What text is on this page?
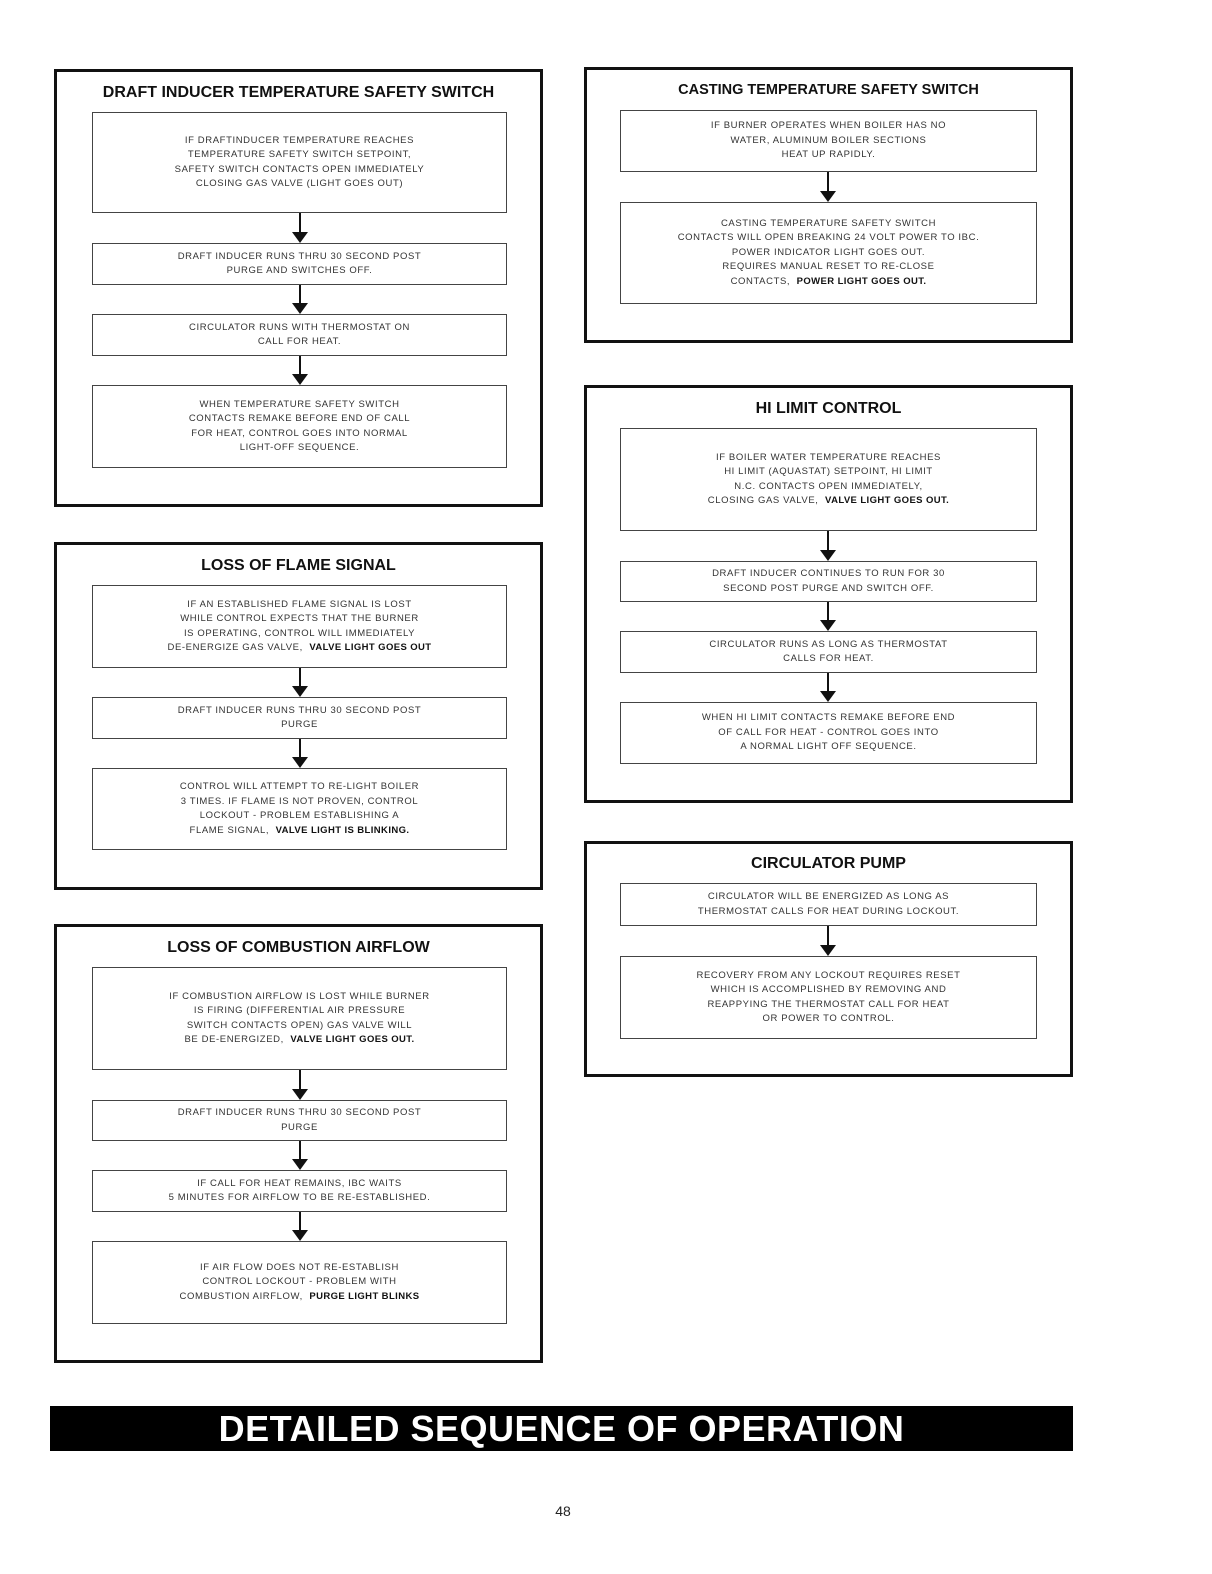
DRAFT INDUCER TEMPERATURE SAFETY SWITCH
IF DRAFTINDUCER TEMPERATURE REACHES
TEMPERATURE SAFETY SWITCH SETPOINT,
SAFETY SWITCH CONTACTS OPEN IMMEDIATELY
CLOSING GAS VALVE (LIGHT GOES OUT)
DRAFT INDUCER RUNS THRU 30 SECOND POST
PURGE AND SWITCHES OFF.
CIRCULATOR RUNS WITH THERMOSTAT ON
CALL FOR HEAT.
WHEN TEMPERATURE SAFETY SWITCH
CONTACTS REMAKE BEFORE END OF CALL
FOR HEAT, CONTROL GOES INTO NORMAL
LIGHT-OFF SEQUENCE.
LOSS OF FLAME SIGNAL
IF AN ESTABLISHED FLAME SIGNAL IS LOST
WHILE CONTROL EXPECTS THAT THE BURNER
IS OPERATING, CONTROL WILL IMMEDIATELY
DE-ENERGIZE GAS VALVE, VALVE LIGHT GOES OUT
DRAFT INDUCER RUNS THRU 30 SECOND POST
PURGE
CONTROL WILL ATTEMPT TO RE-LIGHT BOILER
3 TIMES. IF FLAME IS NOT PROVEN, CONTROL
LOCKOUT - PROBLEM ESTABLISHING A
FLAME SIGNAL, VALVE LIGHT IS BLINKING.
LOSS OF COMBUSTION AIRFLOW
IF COMBUSTION AIRFLOW IS LOST WHILE BURNER
IS FIRING (DIFFERENTIAL AIR PRESSURE
SWITCH CONTACTS OPEN) GAS VALVE WILL
BE DE-ENERGIZED, VALVE LIGHT GOES OUT.
DRAFT INDUCER RUNS THRU 30 SECOND POST
PURGE
IF CALL FOR HEAT REMAINS, IBC WAITS
5 MINUTES FOR AIRFLOW TO BE RE-ESTABLISHED.
IF AIR FLOW DOES NOT RE-ESTABLISH
CONTROL LOCKOUT - PROBLEM WITH
COMBUSTION AIRFLOW, PURGE LIGHT BLINKS
CASTING TEMPERATURE SAFETY SWITCH
IF BURNER OPERATES WHEN BOILER HAS NO
WATER, ALUMINUM BOILER SECTIONS
HEAT UP RAPIDLY.
CASTING TEMPERATURE SAFETY SWITCH
CONTACTS WILL OPEN BREAKING 24 VOLT POWER TO IBC.
POWER INDICATOR LIGHT GOES OUT.
REQUIRES MANUAL RESET TO RE-CLOSE
CONTACTS, POWER LIGHT GOES OUT.
HI LIMIT CONTROL
IF BOILER WATER TEMPERATURE REACHES
HI LIMIT (AQUASTAT) SETPOINT, HI LIMIT
N.C. CONTACTS OPEN IMMEDIATELY,
CLOSING GAS VALVE, VALVE LIGHT GOES OUT.
DRAFT INDUCER CONTINUES TO RUN FOR 30
SECOND POST PURGE AND SWITCH OFF.
CIRCULATOR RUNS AS LONG AS THERMOSTAT
CALLS FOR HEAT.
WHEN HI LIMIT CONTACTS REMAKE BEFORE END
OF CALL FOR HEAT - CONTROL GOES INTO
A NORMAL LIGHT OFF SEQUENCE.
CIRCULATOR PUMP
CIRCULATOR WILL BE ENERGIZED AS LONG AS
THERMOSTAT CALLS FOR HEAT DURING LOCKOUT.
RECOVERY FROM ANY LOCKOUT REQUIRES RESET
WHICH IS ACCOMPLISHED BY REMOVING AND
REAPPYING THE THERMOSTAT CALL FOR HEAT
OR POWER TO CONTROL.
DETAILED SEQUENCE OF OPERATION
48
